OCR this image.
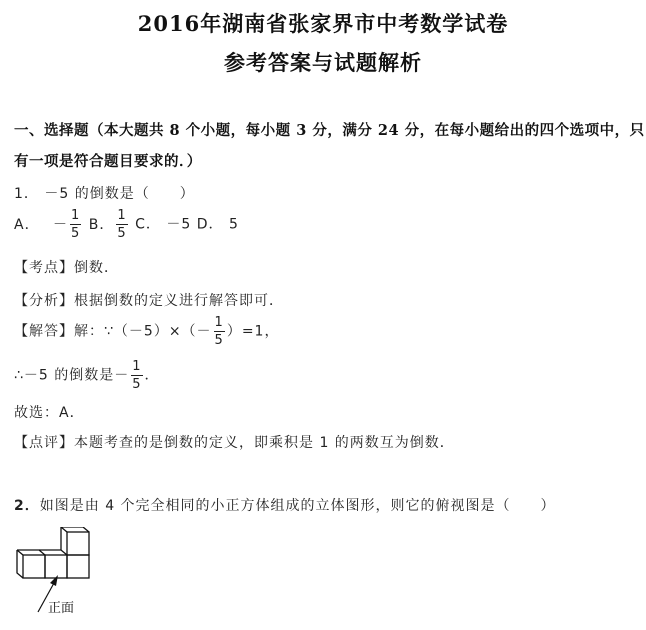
2016年湖南省张家界市中考数学试卷
参考答案与试题解析
一、选择题（本大题共 8 个小题，每小题 3 分，满分 24 分，在每小题给出的四个选项中，只
有一项是符合题目要求的．）
1． －5 的倒数是（　　）
A． － $\frac{1}{5}$ B． $\frac{1}{5}$ C． －5 D． 5
【考点】倒数．
【分析】根据倒数的定义进行解答即可．
【解答】解：∵（－5）×（－ $\frac{1}{5} )=1$，
∴－5 的倒数是－ $\frac{1}{5}$ ．
故选：A．
【点评】本题考查的是倒数的定义，即乘积是 1 的两数互为倒数．
2．如图是由 4 个完全相同的小正方体组成的立体图形，则它的俯视图是（　　）
正面
